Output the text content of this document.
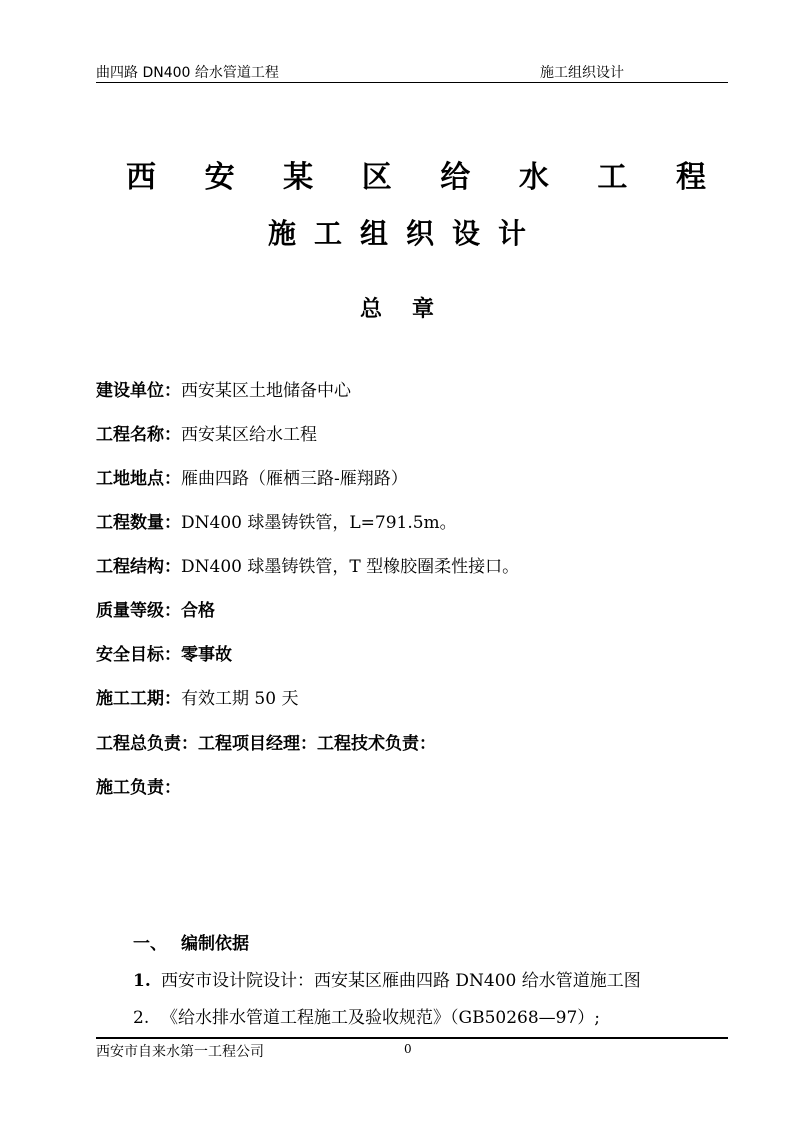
曲四路 DN400 给水管道工程	施工组织设计
西 安 某 区 给 水 工 程
施工组织设计
总章
建设单位：西安某区土地储备中心
工程名称：西安某区给水工程
工地地点：雁曲四路（雁栖三路-雁翔路）
工程数量：DN400 球墨铸铁管，L=791.5m。
工程结构：DN400 球墨铸铁管，T 型橡胶圈柔性接口。
质量等级：合格
安全目标：零事故
施工工期：有效工期 50 天
工程总负责：工程项目经理：工程技术负责：
施工负责：
一、 编制依据
1. 西安市设计院设计：西安某区雁曲四路 DN400 给水管道施工图
2. 《给水排水管道工程施工及验收规范》（GB50268—97）;
西安市自来水第一工程公司	0
